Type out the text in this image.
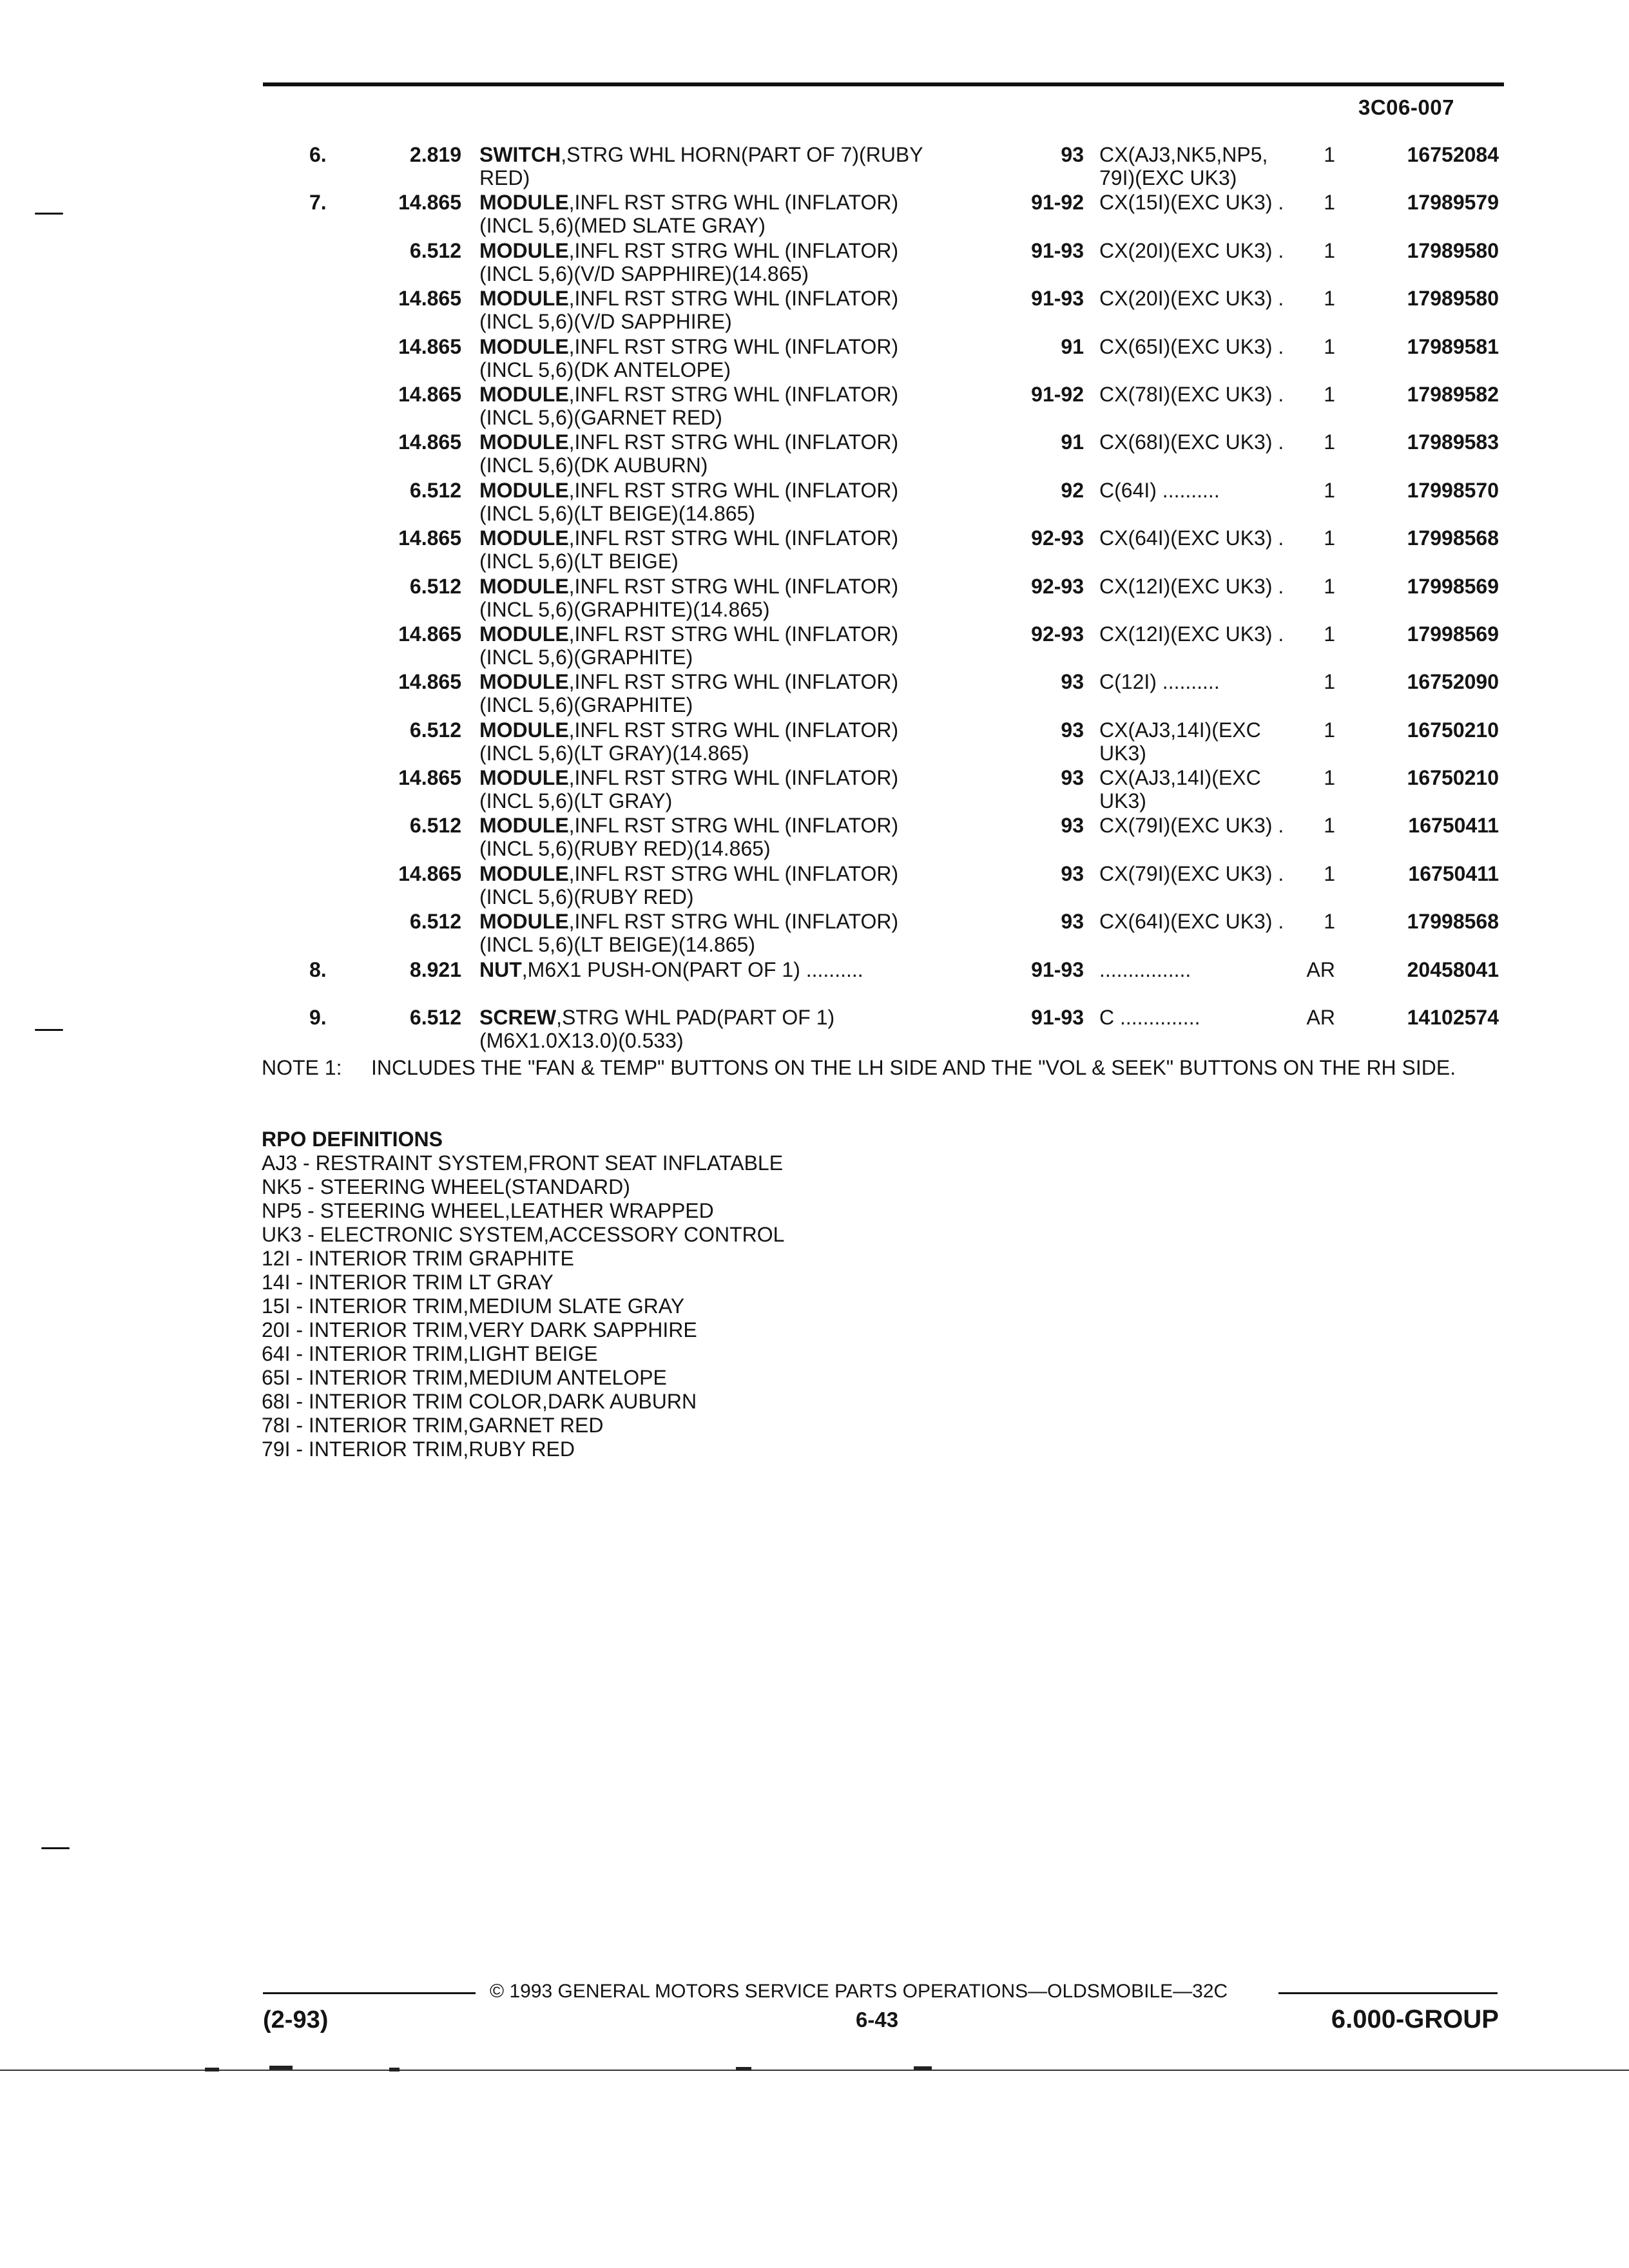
3C06-007
6.	2.819 SWITCH,STRG WHL HORN(PART OF 7)(RUBY
RED)
93 CX(AJ3,NK5,NP5,
79I)(EXC UK3)
1	16752084
7.	14.865 MODULE,INFL RST STRG WHL (INFLATOR)
(INCL 5,6)(MED SLATE GRAY)
91-92 CX(15I)(EXC UK3) .	1	17989579
6.512 MODULE,INFL RST STRG WHL (INFLATOR)
(INCL 5,6)(V/D SAPPHIRE)(14.865)
91-93 CX(20I)(EXC UK3) .	1	17989580
14.865 MODULE,INFL RST STRG WHL (INFLATOR)
(INCL 5,6)(V/D SAPPHIRE)
91-93 CX(20I)(EXC UK3) .	1	17989580
14.865 MODULE,INFL RST STRG WHL (INFLATOR)
(INCL 5,6)(DK ANTELOPE)
91 CX(65I)(EXC UK3) .	1	17989581
14.865 MODULE,INFL RST STRG WHL (INFLATOR)
(INCL 5,6)(GARNET RED)
91-92 CX(78I)(EXC UK3) .	1	17989582
14.865 MODULE,INFL RST STRG WHL (INFLATOR)
(INCL 5,6)(DK AUBURN)
91 CX(68I)(EXC UK3) .	1	17989583
6.512 MODULE,INFL RST STRG WHL (INFLATOR)
(INCL 5,6)(LT BEIGE)(14.865)
92 C(64I) ..........	1	17998570
14.865 MODULE,INFL RST STRG WHL (INFLATOR)
(INCL 5,6)(LT BEIGE)
92-93 CX(64I)(EXC UK3) .	1	17998568
6.512 MODULE,INFL RST STRG WHL (INFLATOR)
(INCL 5,6)(GRAPHITE)(14.865)
92-93 CX(12I)(EXC UK3) .	1	17998569
14.865 MODULE,INFL RST STRG WHL (INFLATOR)
(INCL 5,6)(GRAPHITE)
92-93 CX(12I)(EXC UK3) .	1	17998569
14.865 MODULE,INFL RST STRG WHL (INFLATOR)
(INCL 5,6)(GRAPHITE)
93 C(12I) ..........	1	16752090
6.512 MODULE,INFL RST STRG WHL (INFLATOR)
(INCL 5,6)(LT GRAY)(14.865)
93 CX(AJ3,14I)(EXC
UK3)
1	16750210
14.865 MODULE,INFL RST STRG WHL (INFLATOR)
(INCL 5,6)(LT GRAY)
93 CX(AJ3,14I)(EXC
UK3)
1	16750210
6.512 MODULE,INFL RST STRG WHL (INFLATOR)
(INCL 5,6)(RUBY RED)(14.865)
93 CX(79I)(EXC UK3) .	1	16750411
14.865 MODULE,INFL RST STRG WHL (INFLATOR)
(INCL 5,6)(RUBY RED)
93 CX(79I)(EXC UK3) .	1	16750411
6.512 MODULE,INFL RST STRG WHL (INFLATOR)
(INCL 5,6)(LT BEIGE)(14.865)
93 CX(64I)(EXC UK3) .	1	17998568
8.	8.921 NUT,M6X1 PUSH-ON(PART OF 1) ..........	91-93 ................	AR	20458041
9.	6.512 SCREW,STRG WHL PAD(PART OF 1)
(M6X1.0X13.0)(0.533)
91-93 C ..............	AR	14102574
NOTE 1: INCLUDES THE "FAN & TEMP" BUTTONS ON THE LH SIDE AND THE "VOL & SEEK" BUTTONS ON THE RH SIDE.
RPO DEFINITIONS
AJ3 - RESTRAINT SYSTEM,FRONT SEAT INFLATABLE
NK5 - STEERING WHEEL(STANDARD)
NP5 - STEERING WHEEL,LEATHER WRAPPED
UK3 - ELECTRONIC SYSTEM,ACCESSORY CONTROL
12I - INTERIOR TRIM GRAPHITE
14I - INTERIOR TRIM LT GRAY
15I - INTERIOR TRIM,MEDIUM SLATE GRAY
20I - INTERIOR TRIM,VERY DARK SAPPHIRE
64I - INTERIOR TRIM,LIGHT BEIGE
65I - INTERIOR TRIM,MEDIUM ANTELOPE
68I - INTERIOR TRIM COLOR,DARK AUBURN
78I - INTERIOR TRIM,GARNET RED
79I - INTERIOR TRIM,RUBY RED
© 1993 GENERAL MOTORS SERVICE PARTS OPERATIONS—OLDSMOBILE—32C
(2-93)	6-43	6.000-GROUP
